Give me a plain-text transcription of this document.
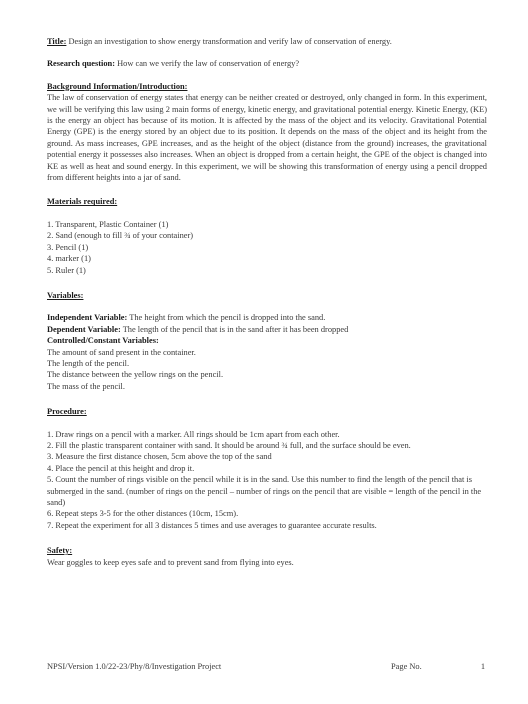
Title: Design an investigation to show energy transformation and verify law of conservation of energy.

Research question: How can we verify the law of conservation of energy?

Background Information/Introduction:

The law of conservation of energy states that energy can be neither created or destroyed, only changed in form. In this experiment, we will be verifying this law using 2 main forms of energy, kinetic energy, and gravitational potential energy. Kinetic Energy, (KE) is the energy an object has because of its motion. It is affected by the mass of the object and its velocity. Gravitational Potential Energy (GPE) is the energy stored by an object due to its position. It depends on the mass of the object and its height from the ground. As mass increases, GPE increases, and as the height of the object (distance from the ground) increases, the gravitational potential energy it possesses also increases. When an object is dropped from a certain height, the GPE of the object is changed into KE as well as heat and sound energy. In this experiment, we will be showing this transformation of energy using a pencil dropped from different heights into a jar of sand.

Materials required:

1. Transparent, Plastic Container (1)

2. Sand (enough to fill ¾ of your container)

3. Pencil (1)

4. marker (1)

5. Ruler (1)

Variables:

Independent Variable: The height from which the pencil is dropped into the sand.

Dependent Variable: The length of the pencil that is in the sand after it has been dropped

Controlled/Constant Variables:

The amount of sand present in the container.

The length of the pencil.

The distance between the yellow rings on the pencil.

The mass of the pencil.

Procedure:

1. Draw rings on a pencil with a marker. All rings should be 1cm apart from each other.

2. Fill the plastic transparent container with sand. It should be around ¾ full, and the surface should be even.

3. Measure the first distance chosen, 5cm above the top of the sand

4. Place the pencil at this height and drop it.

5. Count the number of rings visible on the pencil while it is in the sand. Use this number to find the length of the pencil that is submerged in the sand. (number of rings on the pencil – number of rings on the pencil that are visible = length of the pencil in the sand)

6. Repeat steps 3-5 for the other distances (10cm, 15cm).

7. Repeat the experiment for all 3 distances 5 times and use averages to guarantee accurate results.

Safety:

Wear goggles to keep eyes safe and to prevent sand from flying into eyes.

NPSI/Version 1.0/22-23/Phy/8/Investigation Project	Page No.	1
